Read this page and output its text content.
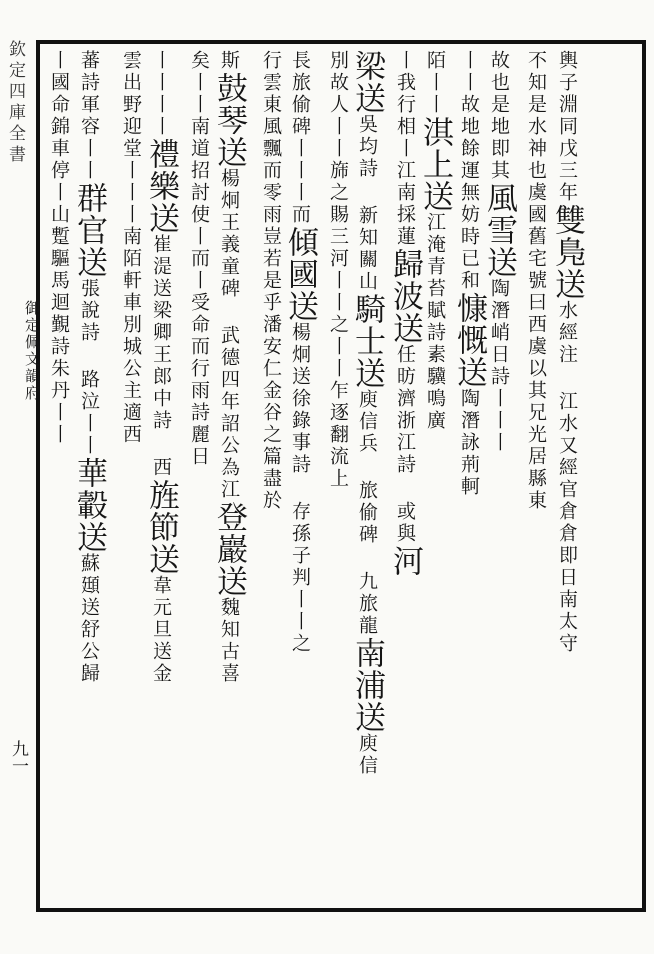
欽定四庫全書
御定佩文韻府
九一
輿子淵同戊三年雙鳬送水經注 江水又經官倉倉即日南太守
不知是水神也虞國舊宅號曰西虞以其兄光居縣東
故也是地即其風雪送陶潛峭日詩丨丨丨
丨丨故地餘運無妨時已和慷慨送陶潛詠荊軻
陌丨丨淇上送江淹青苔賦詩素驥鳴廣
丨我行相丨江南採蓮歸波送任昉濟浙江詩 或與河
梁送吳均詩 新知關山騎士送庾信兵 旅偷碑 九旅龍南浦送庾信
別故人丨丨旆之賜三河丨丨之丨丨乍逐翻流上
長旅偷碑丨丨丨而傾國送楊炯送徐錄事詩 存孫子判丨丨之
行雲東風飄而零雨豈若是乎潘安仁金谷之篇盡於
斯鼓琴送楊炯王義童碑 武德四年詔公為江登巖送魏知古喜
矣丨丨南道招討使丨而丨受命而行雨詩麗日
丨丨丨丨禮樂送崔湜送梁卿王郎中詩 西旌節送韋元旦送金
雲出野迎堂丨丨丨南陌軒車別城公主適西
蕃詩軍容丨丨群官送張說詩 路泣丨丨華轂送蘇頲送舒公歸
丨國命錦車停丨山蹔驅馬迴覲詩朱丹丨丨
